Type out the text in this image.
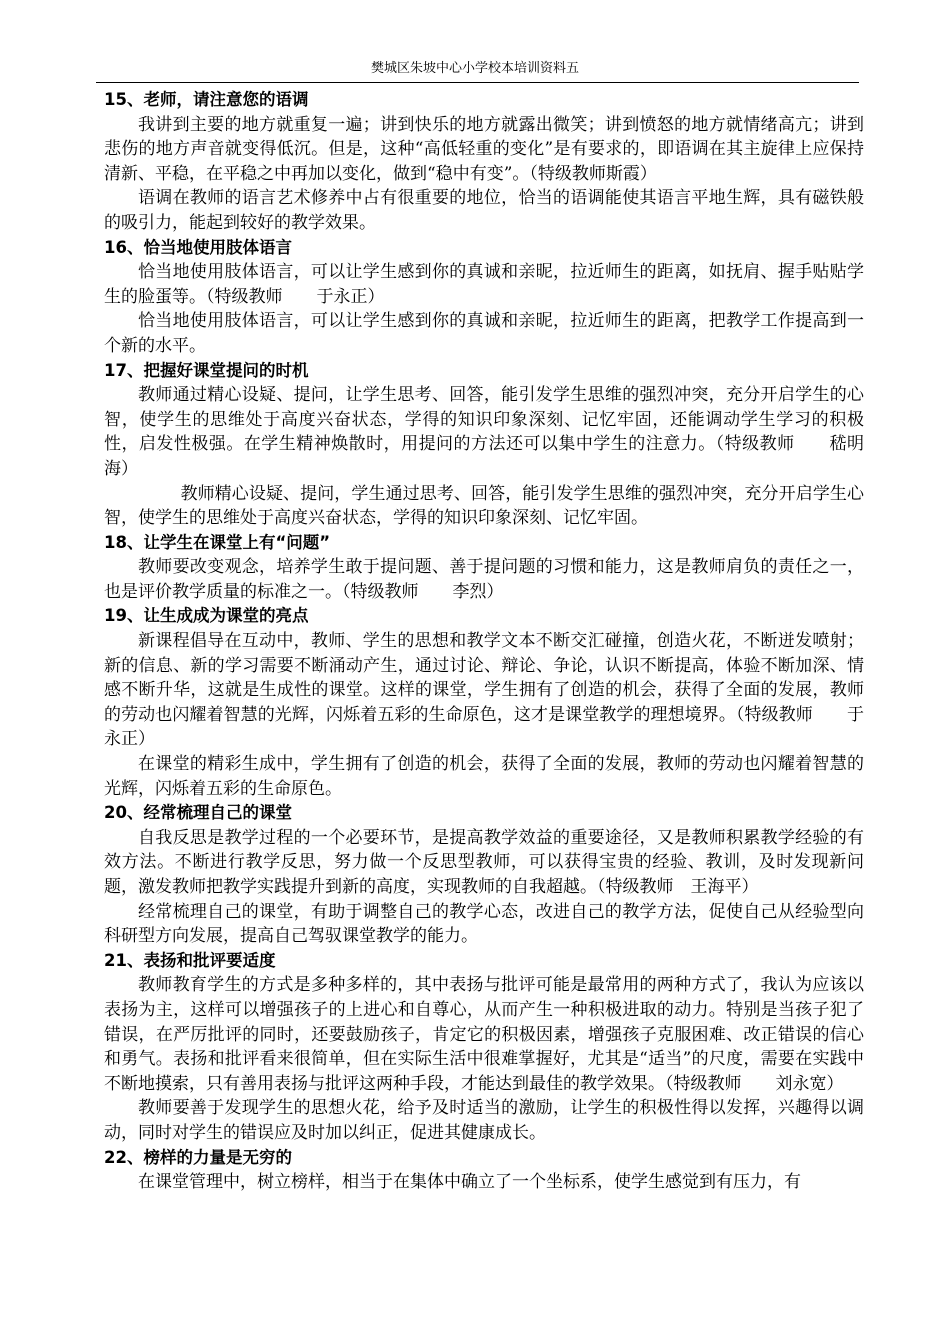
樊城区朱坡中心小学校本培训资料五

15、老师，请注意您的语调

我讲到主要的地方就重复一遍；讲到快乐的地方就露出微笑；讲到愤怒的地方就情绪高亢；讲到悲伤的地方声音就变得低沉。但是，这种“高低轻重的变化”是有要求的，即语调在其主旋律上应保持清新、平稳，在平稳之中再加以变化，做到“稳中有变”。（特级教师斯霞）

语调在教师的语言艺术修养中占有很重要的地位，恰当的语调能使其语言平地生辉，具有磁铁般的吸引力，能起到较好的教学效果。

16、恰当地使用肢体语言

恰当地使用肢体语言，可以让学生感到你的真诚和亲昵，拉近师生的距离，如抚肩、握手贴贴学生的脸蛋等。（特级教师　　于永正）

恰当地使用肢体语言，可以让学生感到你的真诚和亲昵，拉近师生的距离，把教学工作提高到一个新的水平。

17、把握好课堂提问的时机

教师通过精心设疑、提问，让学生思考、回答，能引发学生思维的强烈冲突，充分开启学生的心智，使学生的思维处于高度兴奋状态，学得的知识印象深刻、记忆牢固，还能调动学生学习的积极性，启发性极强。在学生精神焕散时，用提问的方法还可以集中学生的注意力。（特级教师　　嵇明海）

教师精心设疑、提问，学生通过思考、回答，能引发学生思维的强烈冲突，充分开启学生心智，使学生的思维处于高度兴奋状态，学得的知识印象深刻、记忆牢固。

18、让学生在课堂上有“问题”

教师要改变观念，培养学生敢于提问题、善于提问题的习惯和能力，这是教师肩负的责任之一，也是评价教学质量的标准之一。（特级教师　　李烈）

19、让生成成为课堂的亮点

新课程倡导在互动中，教师、学生的思想和教学文本不断交汇碰撞，创造火花，不断迸发喷射；新的信息、新的学习需要不断涌动产生，通过讨论、辩论、争论，认识不断提高，体验不断加深、情感不断升华，这就是生成性的课堂。这样的课堂，学生拥有了创造的机会，获得了全面的发展，教师的劳动也闪耀着智慧的光辉，闪烁着五彩的生命原色，这才是课堂教学的理想境界。（特级教师　　于永正）

在课堂的精彩生成中，学生拥有了创造的机会，获得了全面的发展，教师的劳动也闪耀着智慧的光辉，闪烁着五彩的生命原色。

20、经常梳理自己的课堂

自我反思是教学过程的一个必要环节，是提高教学效益的重要途径，又是教师积累教学经验的有效方法。不断进行教学反思，努力做一个反思型教师，可以获得宝贵的经验、教训，及时发现新问题，激发教师把教学实践提升到新的高度，实现教师的自我超越。（特级教师　王海平）

经常梳理自己的课堂，有助于调整自己的教学心态，改进自己的教学方法，促使自己从经验型向科研型方向发展，提高自己驾驭课堂教学的能力。

21、表扬和批评要适度

教师教育学生的方式是多种多样的，其中表扬与批评可能是最常用的两种方式了，我认为应该以表扬为主，这样可以增强孩子的上进心和自尊心，从而产生一种积极进取的动力。特别是当孩子犯了错误，在严厉批评的同时，还要鼓励孩子，肯定它的积极因素，增强孩子克服困难、改正错误的信心和勇气。表扬和批评看来很简单，但在实际生活中很难掌握好，尤其是“适当”的尺度，需要在实践中不断地摸索，只有善用表扬与批评这两种手段，才能达到最佳的教学效果。（特级教师　　刘永宽）

教师要善于发现学生的思想火花，给予及时适当的激励，让学生的积极性得以发挥，兴趣得以调动，同时对学生的错误应及时加以纠正，促进其健康成长。

22、榜样的力量是无穷的

在课堂管理中，树立榜样，相当于在集体中确立了一个坐标系，使学生感觉到有压力，有
